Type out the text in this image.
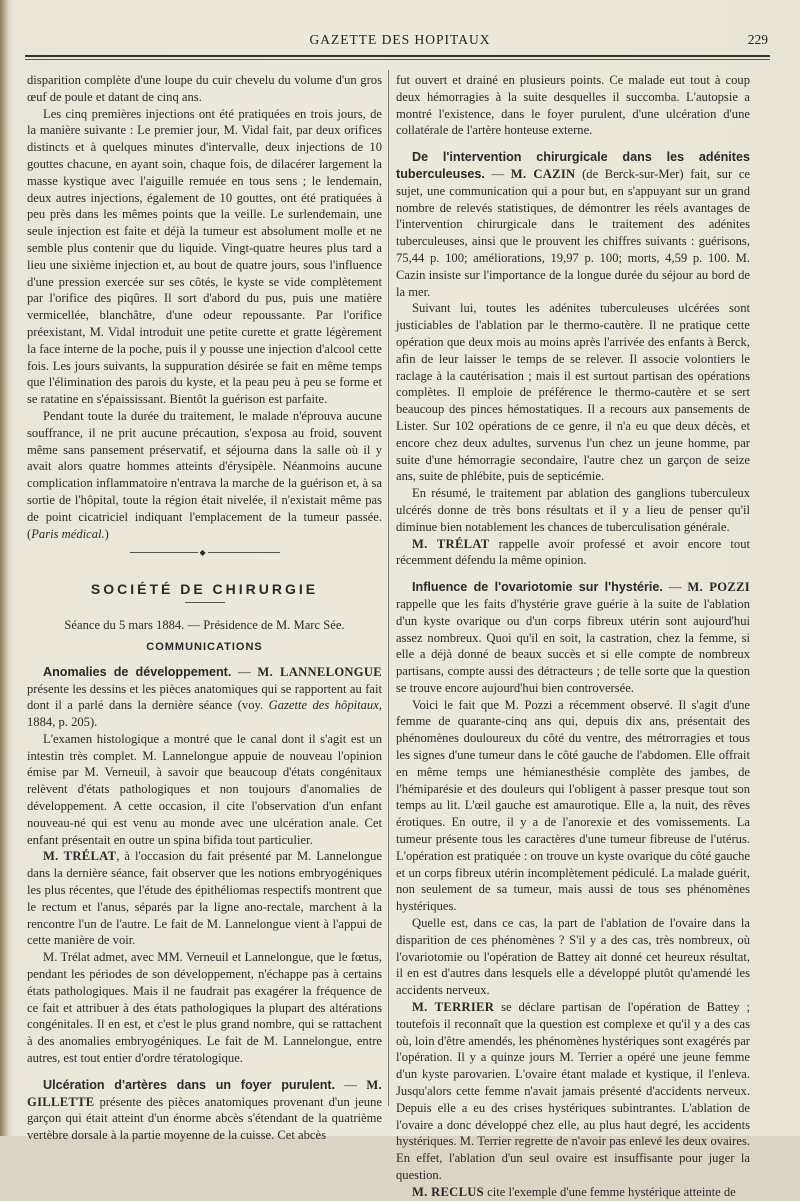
GAZETTE DES HOPITAUX	229

disparition complète d'une loupe du cuir chevelu du volume d'un gros œuf de poule et datant de cinq ans.

Les cinq premières injections ont été pratiquées en trois jours, de la manière suivante : Le premier jour, M. Vidal fait, par deux orifices distincts et à quelques minutes d'intervalle, deux injections de 10 gouttes chacune, en ayant soin, chaque fois, de dilacérer largement la masse kystique avec l'aiguille remuée en tous sens ; le lendemain, deux autres injections, également de 10 gouttes, ont été pratiquées à peu près dans les mêmes points que la veille. Le surlendemain, une seule injection est faite et déjà la tumeur est absolument molle et ne semble plus contenir que du liquide. Vingt-quatre heures plus tard a lieu une sixième injection et, au bout de quatre jours, sous l'influence d'une pression exercée sur ses côtés, le kyste se vide complètement par l'orifice des piqûres. Il sort d'abord du pus, puis une matière vermicellée, blanchâtre, d'une odeur repoussante. Par l'orifice préexistant, M. Vidal introduit une petite curette et gratte légèrement la face interne de la poche, puis il y pousse une injection d'alcool cette fois. Les jours suivants, la suppuration désirée se fait en même temps que l'élimination des parois du kyste, et la peau peu à peu se forme et se ratatine en s'épaississant. Bientôt la guérison est parfaite.

Pendant toute la durée du traitement, le malade n'éprouva aucune souffrance, il ne prit aucune précaution, s'exposa au froid, souvent même sans pansement préservatif, et séjourna dans la salle où il y avait alors quatre hommes atteints d'érysipèle. Néanmoins aucune complication inflammatoire n'entrava la marche de la guérison et, à sa sortie de l'hôpital, toute la région était nivelée, il n'existait même pas de point cicatriciel indiquant l'emplacement de la tumeur passée. (Paris médical.)

◆
SOCIÉTÉ DE CHIRURGIE

Séance du 5 mars 1884. — Présidence de M. Marc Sée.

COMMUNICATIONS

Anomalies de développement. — M. LANNELONGUE présente les dessins et les pièces anatomiques qui se rapportent au fait dont il a parlé dans la dernière séance (voy. Gazette des hôpitaux, 1884, p. 205).

L'examen histologique a montré que le canal dont il s'agit est un intestin très complet. M. Lannelongue appuie de nouveau l'opinion émise par M. Verneuil, à savoir que beaucoup d'états congénitaux relèvent d'états pathologiques et non toujours d'anomalies de développement. A cette occasion, il cite l'observation d'un enfant nouveau-né qui est venu au monde avec une ulcération anale. Cet enfant présentait en outre un spina bifida tout particulier.

M. TRÉLAT, à l'occasion du fait présenté par M. Lannelongue dans la dernière séance, fait observer que les notions embryogéniques les plus récentes, que l'étude des épithéliomas respectifs montrent que le rectum et l'anus, séparés par la ligne ano-rectale, marchent à la rencontre l'un de l'autre. Le fait de M. Lannelongue vient à l'appui de cette manière de voir.

M. Trélat admet, avec MM. Verneuil et Lannelongue, que le fœtus, pendant les périodes de son développement, n'échappe pas à certains états pathologiques. Mais il ne faudrait pas exagérer la fréquence de ce fait et attribuer à des états pathologiques la plupart des altérations congénitales. Il en est, et c'est le plus grand nombre, qui se rattachent à des anomalies embryogéniques. Le fait de M. Lannelongue, entre autres, est tout entier d'ordre tératologique.

Ulcération d'artères dans un foyer purulent. — M. GILLETTE présente des pièces anatomiques provenant d'un jeune garçon qui était atteint d'un énorme abcès s'étendant de la quatrième vertèbre dorsale à la partie moyenne de la cuisse. Cet abcès

fut ouvert et drainé en plusieurs points. Ce malade eut tout à coup deux hémorragies à la suite desquelles il succomba. L'autopsie a montré l'existence, dans le foyer purulent, d'une ulcération d'une collatérale de l'artère honteuse externe.

De l'intervention chirurgicale dans les adénites tuberculeuses. — M. CAZIN (de Berck-sur-Mer) fait, sur ce sujet, une communication qui a pour but, en s'appuyant sur un grand nombre de relevés statistiques, de démontrer les réels avantages de l'intervention chirurgicale dans le traitement des adénites tuberculeuses, ainsi que le prouvent les chiffres suivants : guérisons, 75,44 p. 100; améliorations, 19,97 p. 100; morts, 4,59 p. 100. M. Cazin insiste sur l'importance de la longue durée du séjour au bord de la mer.

Suivant lui, toutes les adénites tuberculeuses ulcérées sont justiciables de l'ablation par le thermo-cautère. Il ne pratique cette opération que deux mois au moins après l'arrivée des enfants à Berck, afin de leur laisser le temps de se relever. Il associe volontiers le raclage à la cautérisation ; mais il est surtout partisan des opérations complètes. Il emploie de préférence le thermo-cautère et se sert beaucoup des pinces hémostatiques. Il a recours aux pansements de Lister. Sur 102 opérations de ce genre, il n'a eu que deux décès, et encore chez deux adultes, survenus l'un chez un jeune homme, par suite d'une hémorragie secondaire, l'autre chez un garçon de seize ans, suite de phlébite, puis de septicémie.

En résumé, le traitement par ablation des ganglions tuberculeux ulcérés donne de très bons résultats et il y a lieu de penser qu'il diminue bien notablement les chances de tuberculisation générale.

M. TRÉLAT rappelle avoir professé et avoir encore tout récemment défendu la même opinion.

Influence de l'ovariotomie sur l'hystérie. — M. POZZI rappelle que les faits d'hystérie grave guérie à la suite de l'ablation d'un kyste ovarique ou d'un corps fibreux utérin sont aujourd'hui assez nombreux. Quoi qu'il en soit, la castration, chez la femme, si elle a déjà donné de beaux succès et si elle compte de nombreux partisans, compte aussi des détracteurs ; de telle sorte que la question se trouve encore aujourd'hui bien controversée.

Voici le fait que M. Pozzi a récemment observé. Il s'agit d'une femme de quarante-cinq ans qui, depuis dix ans, présentait des phénomènes douloureux du côté du ventre, des métrorragies et tous les signes d'une tumeur dans le côté gauche de l'abdomen. Elle offrait en même temps une hémianesthésie complète des jambes, de l'hémiparésie et des douleurs qui l'obligent à passer presque tout son temps au lit. L'œil gauche est amaurotique. Elle a, la nuit, des rêves érotiques. En outre, il y a de l'anorexie et des vomissements. La tumeur présente tous les caractères d'une tumeur fibreuse de l'utérus. L'opération est pratiquée : on trouve un kyste ovarique du côté gauche et un corps fibreux utérin incomplètement pédiculé. La malade guérit, non seulement de sa tumeur, mais aussi de tous ses phénomènes hystériques.

Quelle est, dans ce cas, la part de l'ablation de l'ovaire dans la disparition de ces phénomènes ? S'il y a des cas, très nombreux, où l'ovariotomie ou l'opération de Battey ait donné cet heureux résultat, il en est d'autres dans lesquels elle a développé plutôt qu'amendé les accidents nerveux.

M. TERRIER se déclare partisan de l'opération de Battey ; toutefois il reconnaît que la question est complexe et qu'il y a des cas où, loin d'être amendés, les phénomènes hystériques sont exagérés par l'opération. Il y a quinze jours M. Terrier a opéré une jeune femme d'un kyste parovarien. L'ovaire étant malade et kystique, il l'enleva. Jusqu'alors cette femme n'avait jamais présenté d'accidents nerveux. Depuis elle a eu des crises hystériques subintrantes. L'ablation de l'ovaire a donc développé chez elle, au plus haut degré, les accidents hystériques. M. Terrier regrette de n'avoir pas enlevé les deux ovaires. En effet, l'ablation d'un seul ovaire est insuffisante pour juger la question.

M. RECLUS cite l'exemple d'une femme hystérique atteinte de
